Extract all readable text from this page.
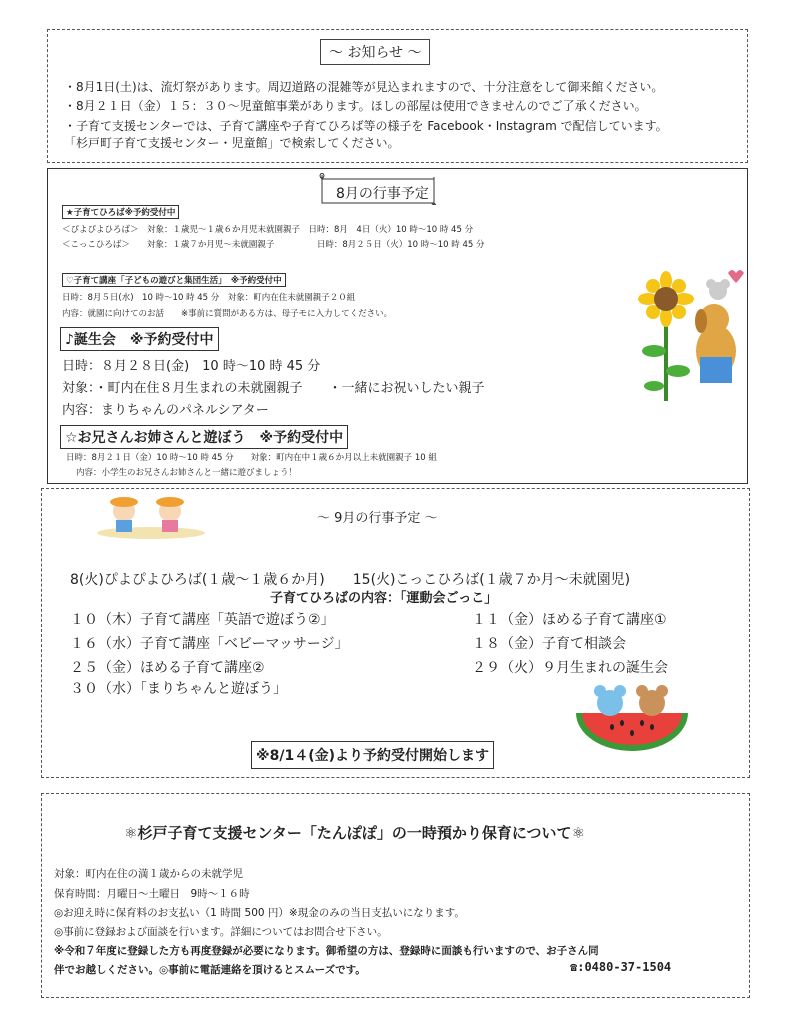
～ お知らせ ～
・8月1日(土)は、流灯祭があります。周辺道路の混雑等が見込まれますので、十分注意をして御来館ください。
・8月２１日（金）１５：３０～児童館事業があります。ほしの部屋は使用できませんのでご了承ください。
・子育て支援センターでは、子育て講座や子育てひろば等の様子を Facebook・Instagram で配信しています。
「杉戸町子育て支援センター・児童館」で検索してください。
8月の行事予定
★子育てひろば※予約受付中
＜ぴよぴよひろば＞　対象：１歳児～１歳６か月児未就園親子　日時：8月　4日（火）10 時～10 時 45 分
＜こっこひろば＞　　対象：１歳７か月児～未就園親子　　　　　日時：8月２５日（火）10 時～10 時 45 分
♡子育て講座「子どもの遊びと集団生活」　※予約受付中
日時：8月５日(水)　10 時～10 時 45 分　対象：町内在住未就園親子２０組
内容：就園に向けてのお話　　※事前に質問がある方は、母子モに入力してください。
♪誕生会　※予約受付中
日時：８月２８日(金)　10 時～10 時 45 分
対象：・町内在住８月生まれの未就園親子　　・一緒にお祝いしたい親子
内容：まりちゃんのパネルシアター
☆お兄さんお姉さんと遊ぼう　※予約受付中
日時：8月２１日（金）10 時～10 時 45 分　　対象：町内在中１歳６か月以上未就園親子 10 組
内容：小学生のお兄さんお姉さんと一緒に遊びましょう！
～ 9月の行事予定 ～
8(火)ぴよぴよひろば(１歳～１歳６か月)　　15(火)こっこひろば(１歳７か月～未就園児)
子育てひろばの内容：「運動会ごっこ」
１０（木）子育て講座「英語で遊ぼう②」
１６（水）子育て講座「ベビーマッサージ」
２５（金）ほめる子育て講座②
３０（水）「まりちゃんと遊ぼう」
１１（金）ほめる子育て講座①
１８（金）子育て相談会
２９（火）９月生まれの誕生会
※8/1４(金)より予約受付開始します
⚛杉戸子育て支援センター「たんぽぽ」の一時預かり保育について⚛
対象：町内在住の満１歳からの未就学児
保育時間：月曜日～土曜日　9時～１６時
◎お迎え時に保育料のお支払い（1 時間 500 円）※現金のみの当日支払いになります。
◎事前に登録および面談を行います。詳細についてはお問合せ下さい。
※令和７年度に登録した方も再度登録が必要になります。御希望の方は、登録時に面談も行いますので、お子さん同
伴でお越しください。◎事前に電話連絡を頂けるとスムーズです。	☎:0480-37-1504
